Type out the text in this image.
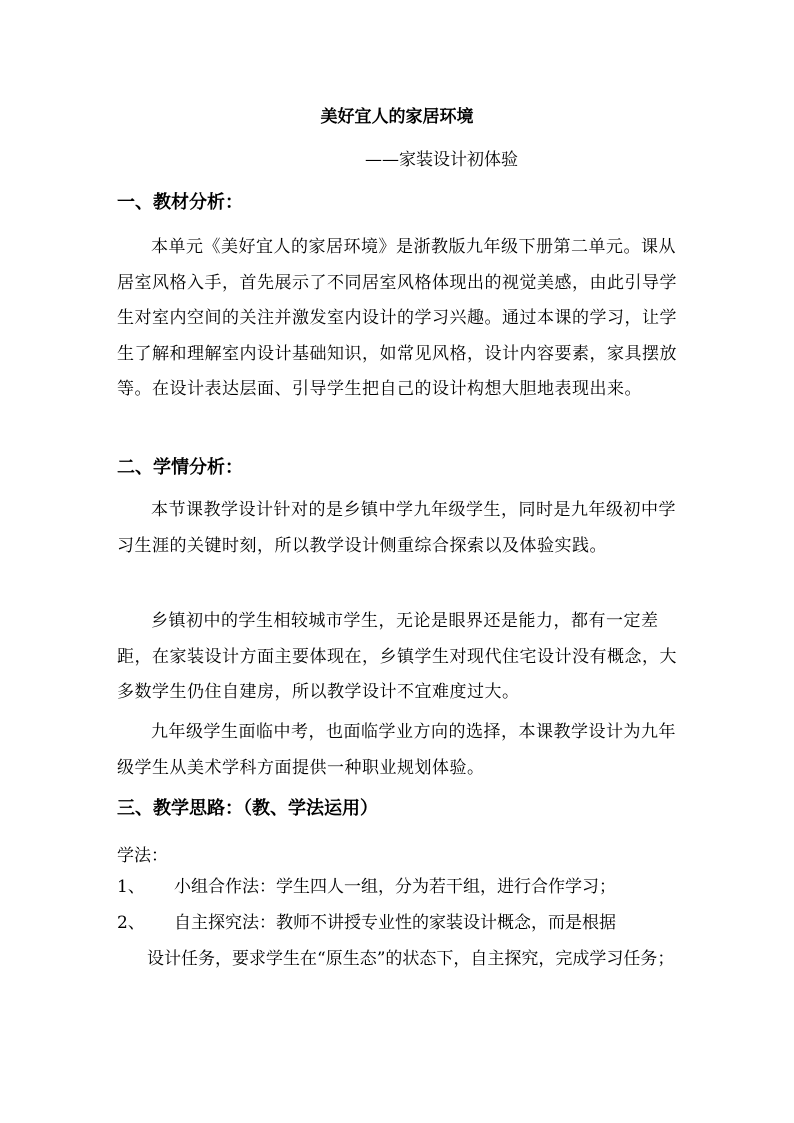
美好宜人的家居环境
——家装设计初体验
一、教材分析：
本单元《美好宜人的家居环境》是浙教版九年级下册第二单元。课从居室风格入手，首先展示了不同居室风格体现出的视觉美感，由此引导学生对室内空间的关注并激发室内设计的学习兴趣。通过本课的学习，让学生了解和理解室内设计基础知识，如常见风格，设计内容要素，家具摆放等。在设计表达层面、引导学生把自己的设计构想大胆地表现出来。
二、学情分析：
本节课教学设计针对的是乡镇中学九年级学生，同时是九年级初中学习生涯的关键时刻，所以教学设计侧重综合探索以及体验实践。
乡镇初中的学生相较城市学生，无论是眼界还是能力，都有一定差距，在家装设计方面主要体现在，乡镇学生对现代住宅设计没有概念，大多数学生仍住自建房，所以教学设计不宜难度过大。
九年级学生面临中考，也面临学业方向的选择，本课教学设计为九年级学生从美术学科方面提供一种职业规划体验。
三、教学思路：（教、学法运用）
学法：
1、 小组合作法：学生四人一组，分为若干组，进行合作学习；
2、 自主探究法：教师不讲授专业性的家装设计概念，而是根据
设计任务，要求学生在“原生态”的状态下，自主探究，完成学习任务；
